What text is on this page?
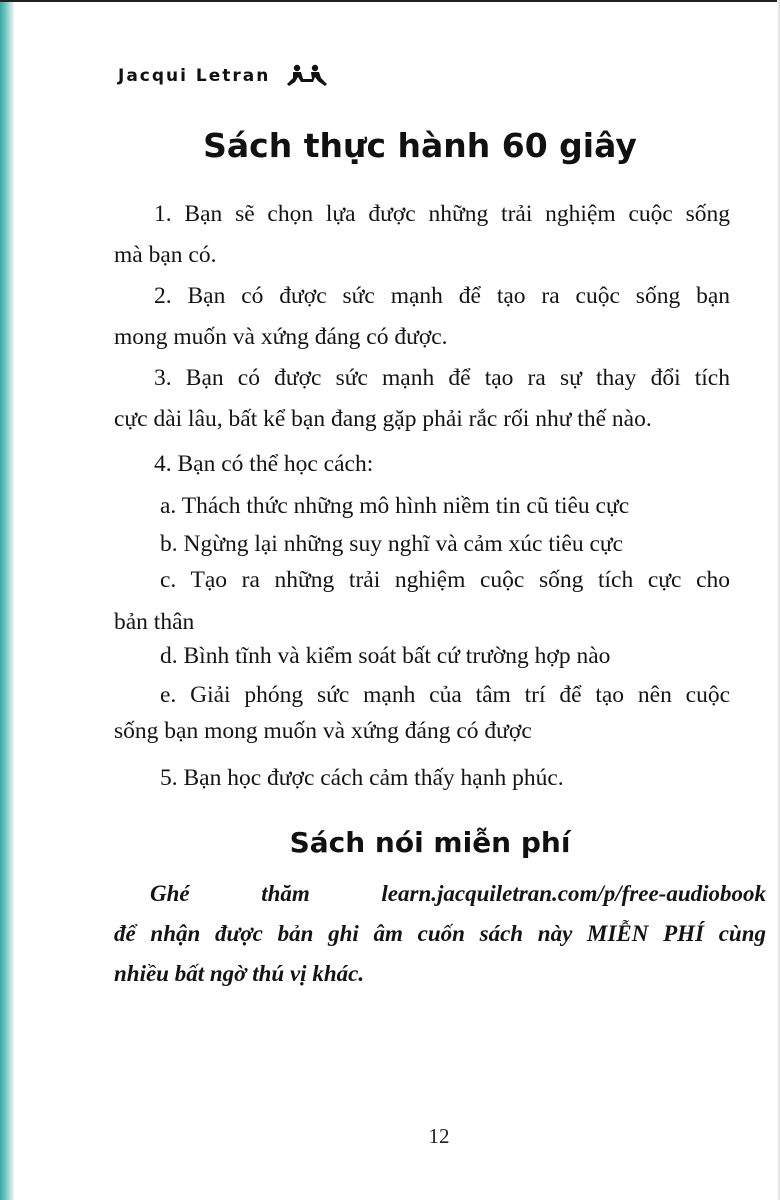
Jacqui Letran
Sách thực hành 60 giây

1. Bạn sẽ chọn lựa được những trải nghiệm cuộc sống

mà bạn có.

2. Bạn có được sức mạnh để tạo ra cuộc sống bạn

mong muốn và xứng đáng có được.

3. Bạn có được sức mạnh để tạo ra sự thay đổi tích

cực dài lâu, bất kể bạn đang gặp phải rắc rối như thế nào.

4. Bạn có thể học cách:

a. Thách thức những mô hình niềm tin cũ tiêu cực

b. Ngừng lại những suy nghĩ và cảm xúc tiêu cực

c. Tạo ra những trải nghiệm cuộc sống tích cực cho

bản thân

d. Bình tĩnh và kiểm soát bất cứ trường hợp nào

e. Giải phóng sức mạnh của tâm trí để tạo nên cuộc

sống bạn mong muốn và xứng đáng có được

5. Bạn học được cách cảm thấy hạnh phúc.

Sách nói miễn phí

Ghé thăm learn.jacquiletran.com/p/free-audiobook

để nhận được bản ghi âm cuốn sách này MIỄN PHÍ cùng

nhiều bất ngờ thú vị khác.

12
